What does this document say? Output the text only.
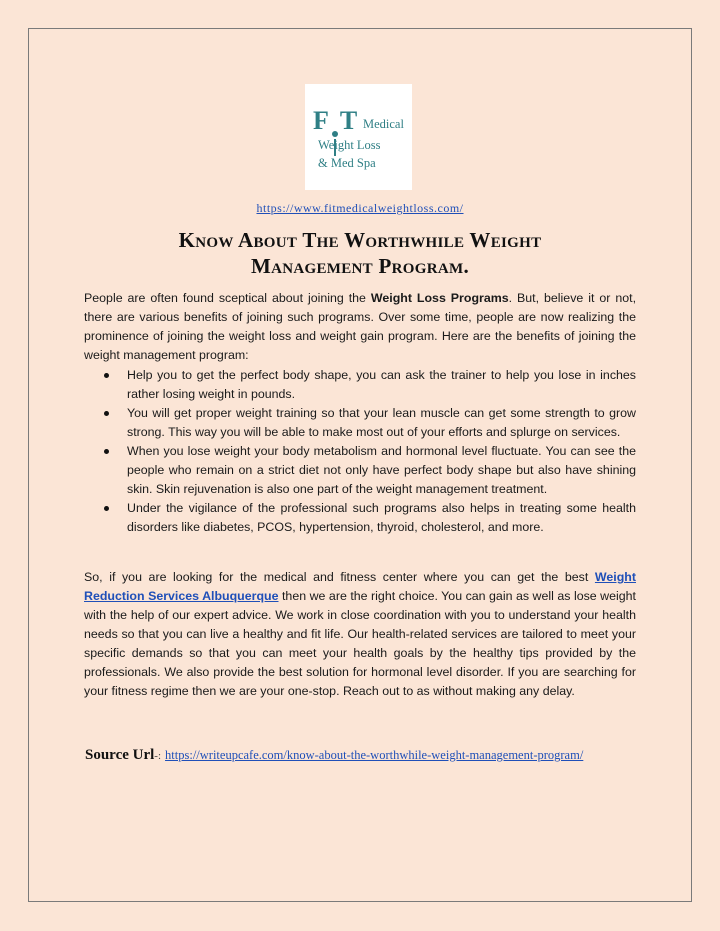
F T Medical
Weight Loss
& Med Spa
https://www.fitmedicalweightloss.com/
Know About The Worthwhile Weight
Management Program.
People are often found sceptical about joining the Weight Loss Programs. But, believe it or not, there are various benefits of joining such programs. Over some time, people are now realizing the prominence of joining the weight loss and weight gain program. Here are the benefits of joining the weight management program:
Help you to get the perfect body shape, you can ask the trainer to help you lose in inches rather losing weight in pounds.
You will get proper weight training so that your lean muscle can get some strength to grow strong. This way you will be able to make most out of your efforts and splurge on services.
When you lose weight your body metabolism and hormonal level fluctuate. You can see the people who remain on a strict diet not only have perfect body shape but also have shining skin. Skin rejuvenation is also one part of the weight management treatment.
Under the vigilance of the professional such programs also helps in treating some health disorders like diabetes, PCOS, hypertension, thyroid, cholesterol, and more.
So, if you are looking for the medical and fitness center where you can get the best Weight Reduction Services Albuquerque then we are the right choice. You can gain as well as lose weight with the help of our expert advice. We work in close coordination with you to understand your health needs so that you can live a healthy and fit life. Our health-related services are tailored to meet your specific demands so that you can meet your health goals by the healthy tips provided by the professionals. We also provide the best solution for hormonal level disorder. If you are searching for your fitness regime then we are your one-stop. Reach out to as without making any delay.
Source Url-: https://writeupcafe.com/know-about-the-worthwhile-weight-management-program/
